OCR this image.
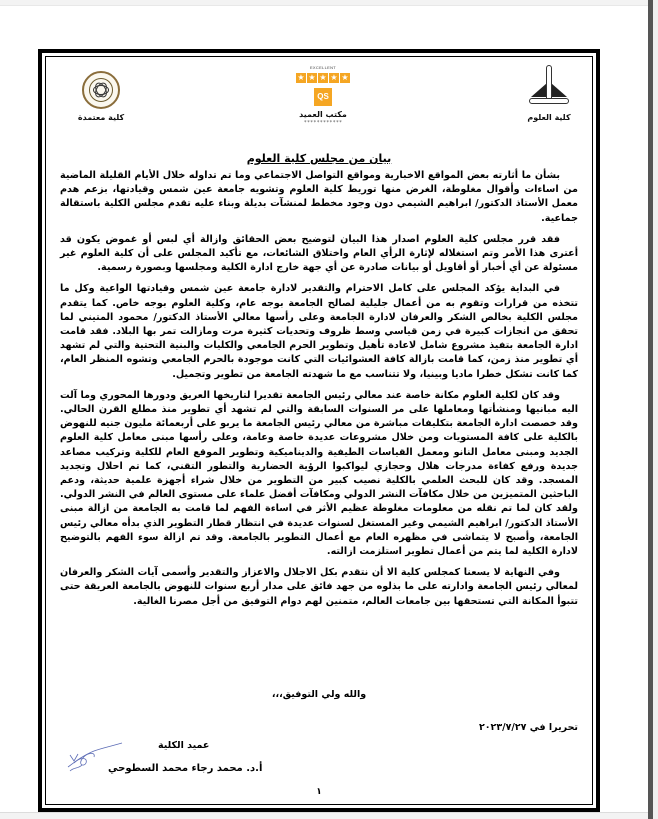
كلية معتمدة
EXCELLENT
★ ★ ★ ★ ★
QS
مكتب العميد
************
كلية العلوم
بيان من مجلس كلية العلوم

بشأن ما أثارته بعض المواقع الاخبارية ومواقع التواصل الاجتماعي وما تم تداوله خلال الأيام القليلة الماضية من اساءات وأقوال مغلوطة، الغرض منها توريط كلية العلوم وتشويه جامعة عين شمس وقيادتها، بزعم هدم معمل الأستاذ الدكتور/ ابراهيم الشيمي دون وجود مخطط لمنشآت بديلة وبناء عليه تقدم مجلس الكلية باستقالة جماعية.

فقد قرر مجلس كلية العلوم اصدار هذا البيان لتوضيح بعض الحقائق وازالة أي لبس أو غموض يكون قد أعترى هذا الأمر وتم استغلاله لإثارة الرأي العام واختلاق الشائعات، مع تأكيد المجلس على أن كلية العلوم غير مسئولة عن أي أخبار أو أقاويل أو بيانات صادرة عن أي جهة خارج ادارة الكلية ومجلسها وبصورة رسمية.

في البداية يؤكد المجلس على كامل الاحترام والتقدير لادارة جامعة عين شمس وقيادتها الواعية وكل ما تتخذه من قرارات وتقوم به من أعمال جليلية لصالح الجامعة بوجه عام، وكلية العلوم بوجه خاص. كما يتقدم مجلس الكلية بخالص الشكر والعرفان لادارة الجامعة وعلى رأسها معالي الأستاذ الدكتور/ محمود المتيني لما تحقق من انجازات كبيرة في زمن قياسي وسط ظروف وتحديات كثيرة مرت ومازالت تمر بها البلاد. فقد قامت ادارة الجامعة بتفيذ مشروع شامل لاعادة تأهيل وتطوير الحرم الجامعي والكليات والبنية التحتية والتي لم تشهد أي تطوير منذ زمن، كما قامت بازالة كافة العشوائيات التي كانت موجودة بالحرم الجامعي وتشوه المنظر العام، كما كانت تشكل خطرا ماديا وبينيا، ولا تتناسب مع ما شهدته الجامعة من تطوير وتجميل.

وقد كان لكلية العلوم مكانة خاصة عند معالي رئيس الجامعة تقديرا لتاريخها العريق ودورها المحوري وما آلت اليه مبانيها ومنشأتها ومعاملها على مر السنوات السابقة والتي لم تشهد أي تطوير منذ مطلع القرن الحالي. وقد خصصت ادارة الجامعة بتكليفات مباشرة من معالي رئيس الجامعة ما يربو على أربعمائة مليون جنيه للنهوض بالكلية على كافة المستويات ومن خلال مشروعات عديدة خاصة وعامة، وعلى رأسها مبنى معامل كلية العلوم الجديد ومبنى معامل النانو ومعمل القياسات الطيفية والديناميكية وتطوير الموقع العام للكلية وتركيب مصاعد جديدة ورفع كفاءة مدرجات هلال وحجازي ليواكبوا الرؤية الحضارية والتطور التقني، كما تم احلال وتجديد المسجد. وقد كان للبحث العلمي بالكلية نصيب كبير من التطوير من خلال شراء أجهزة علمية حديثة، ودعم الباحثين المتميزين من خلال مكافآت النشر الدولي ومكافآت أفضل علماء على مستوى العالم في النشر الدولي. ولقد كان لما تم نقله من معلومات مغلوطة عظيم الأثر في اساءة الفهم لما قامت به الجامعة من ازالة مبنى الأستاذ الدكتور/ ابراهيم الشيمي وغير المستغل لسنوات عديدة في انتظار قطار التطوير الذي بدأه معالي رئيس الجامعة، وأصبح لا يتماشى في مظهره العام مع أعمال التطوير بالجامعة. وقد تم ازالة سوء الفهم بالتوضيح لادارة الكلية لما يتم من أعمال تطوير استلزمت ازالته.

وفي النهاية لا يسعنا كمجلس كلية الا أن نتقدم بكل الاجلال والاعزاز والتقدير وأسمى آيات الشكر والعرفان لمعالي رئيس الجامعة وادارته على ما بذلوه من جهد فائق على مدار أربع سنوات للنهوض بالجامعة العريقة حتى تتبوأ المكانة التي تستحقها بين جامعات العالم، متمنين لهم دوام التوفيق من أجل مصرنا الغالية.

والله ولي التوفيق،،،
تحريرا في ٢٠٢٣/٧/٢٧
عميد الكلية
أ.د. محمد رجاء محمد السطوحي
١
